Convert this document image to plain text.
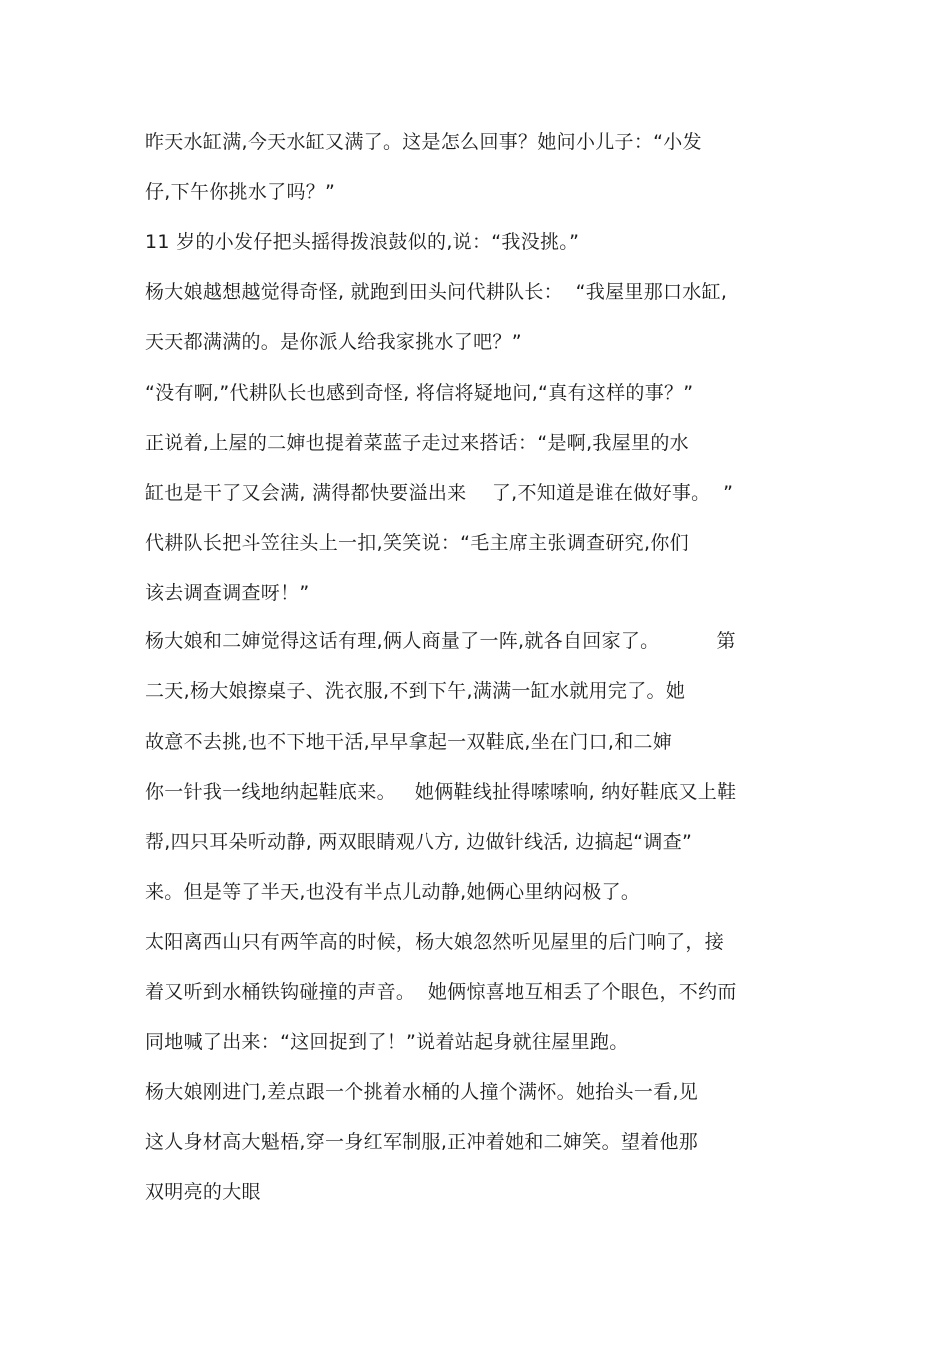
昨天水缸满,今天水缸又满了。这是怎么回事？她问小儿子：“小发
仔,下午你挑水了吗？”
11 岁的小发仔把头摇得拨浪鼓似的,说：“我没挑。”
杨大娘越想越觉得奇怪, 就跑到田头问代耕队长：  “我屋里那口水缸,
天天都满满的。是你派人给我家挑水了吧？”
“没有啊,”代耕队长也感到奇怪, 将信将疑地问,“真有这样的事？”
正说着,上屋的二婶也提着菜蓝子走过来搭话：“是啊,我屋里的水
缸也是干了又会满, 满得都快要溢出来    了,不知道是谁在做好事。  ”
代耕队长把斗笠往头上一扣,笑笑说：“毛主席主张调查研究,你们
该去调查调查呀！”
杨大娘和二婶觉得这话有理,俩人商量了一阵,就各自回家了。         第
二天,杨大娘擦桌子、洗衣服,不到下午,满满一缸水就用完了。她
故意不去挑,也不下地干活,早早拿起一双鞋底,坐在门口,和二婶
你一针我一线地纳起鞋底来。   她俩鞋线扯得嗦嗦响, 纳好鞋底又上鞋
帮,四只耳朵听动静, 两双眼睛观八方, 边做针线活, 边搞起“调查”
来。但是等了半天,也没有半点儿动静,她俩心里纳闷极了。
太阳离西山只有两竿高的时候，杨大娘忽然听见屋里的后门响了，接
着又听到水桶铁钩碰撞的声音。  她俩惊喜地互相丢了个眼色，不约而
同地喊了出来：“这回捉到了！”说着站起身就往屋里跑。
杨大娘刚进门,差点跟一个挑着水桶的人撞个满怀。她抬头一看,见
这人身材高大魁梧,穿一身红军制服,正冲着她和二婶笑。望着他那
双明亮的大眼
